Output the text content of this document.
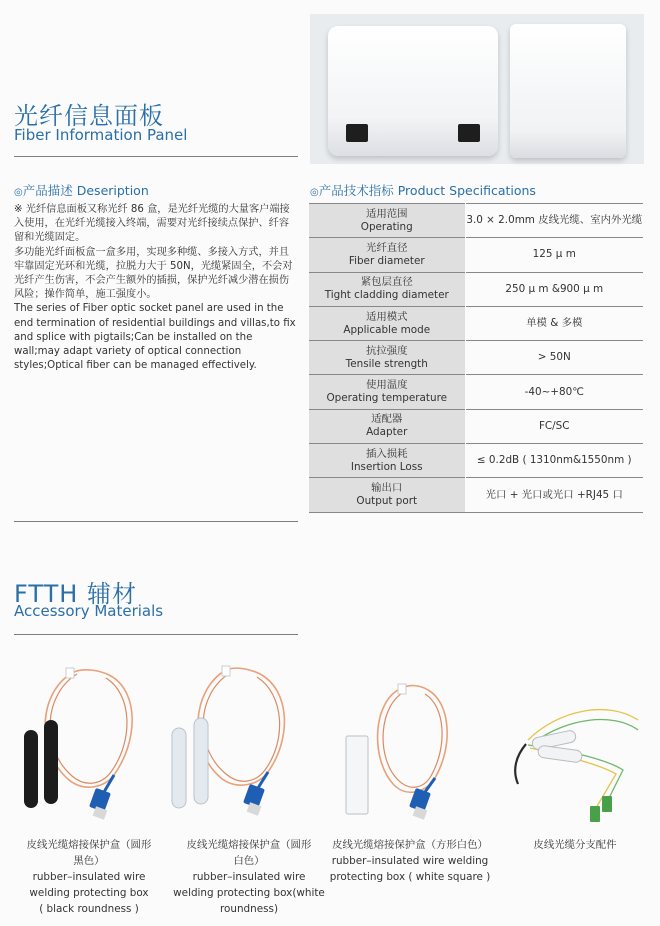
光纤信息面板
Fiber Information Panel
◎产品描述 Deseription

※ 光纤信息面板又称光纤 86 盒，是光纤光缆的大量客户端接入使用，在光纤光缆接入终端，需要对光纤接续点保护、纤容留和光缆固定。

多功能光纤面板盒一盒多用，实现多种缆、多接入方式，并且牢靠固定光环和光缆，拉脱力大于 50N，光缆紧固全，不会对光纤产生伤害，不会产生额外的插损，保护光纤减少潜在损伤风险；操作简单，施工强度小。

The series of Fiber optic socket panel are used in the end termination of residential buildings and villas,to fix and splice with pigtails;Can be installed on the wall;may adapt variety of optical connection styles;Optical fiber can be managed effectively.

◎产品技术指标 Product Specifications
适用范围
Operating	3.0 × 2.0mm 皮线光缆、室内外光缆

光纤直径
Fiber diameter	125 μ m

紧包层直径
Tight cladding diameter	250 μ m &900 μ m

适用模式
Applicable mode	单模 & 多模

抗拉强度
Tensile strength	> 50N

使用温度
Operating temperature	-40~+80℃

适配器
Adapter	FC/SC

插入损耗
Insertion Loss	≤ 0.2dB ( 1310nm&1550nm )

输出口
Output port	光口 + 光口或光口 +RJ45 口
FTTH 辅材
Accessory Materials
皮线光缆熔接保护盒（圆形
黑色）
rubber–insulated wire
welding protecting box
( black roundness )
皮线光缆熔接保护盒（圆形
白色）
rubber–insulated wire
welding protecting box(white
roundness)
皮线光缆熔接保护盒（方形白色）
rubber–insulated wire welding
protecting box ( white square )
皮线光缆分支配件
